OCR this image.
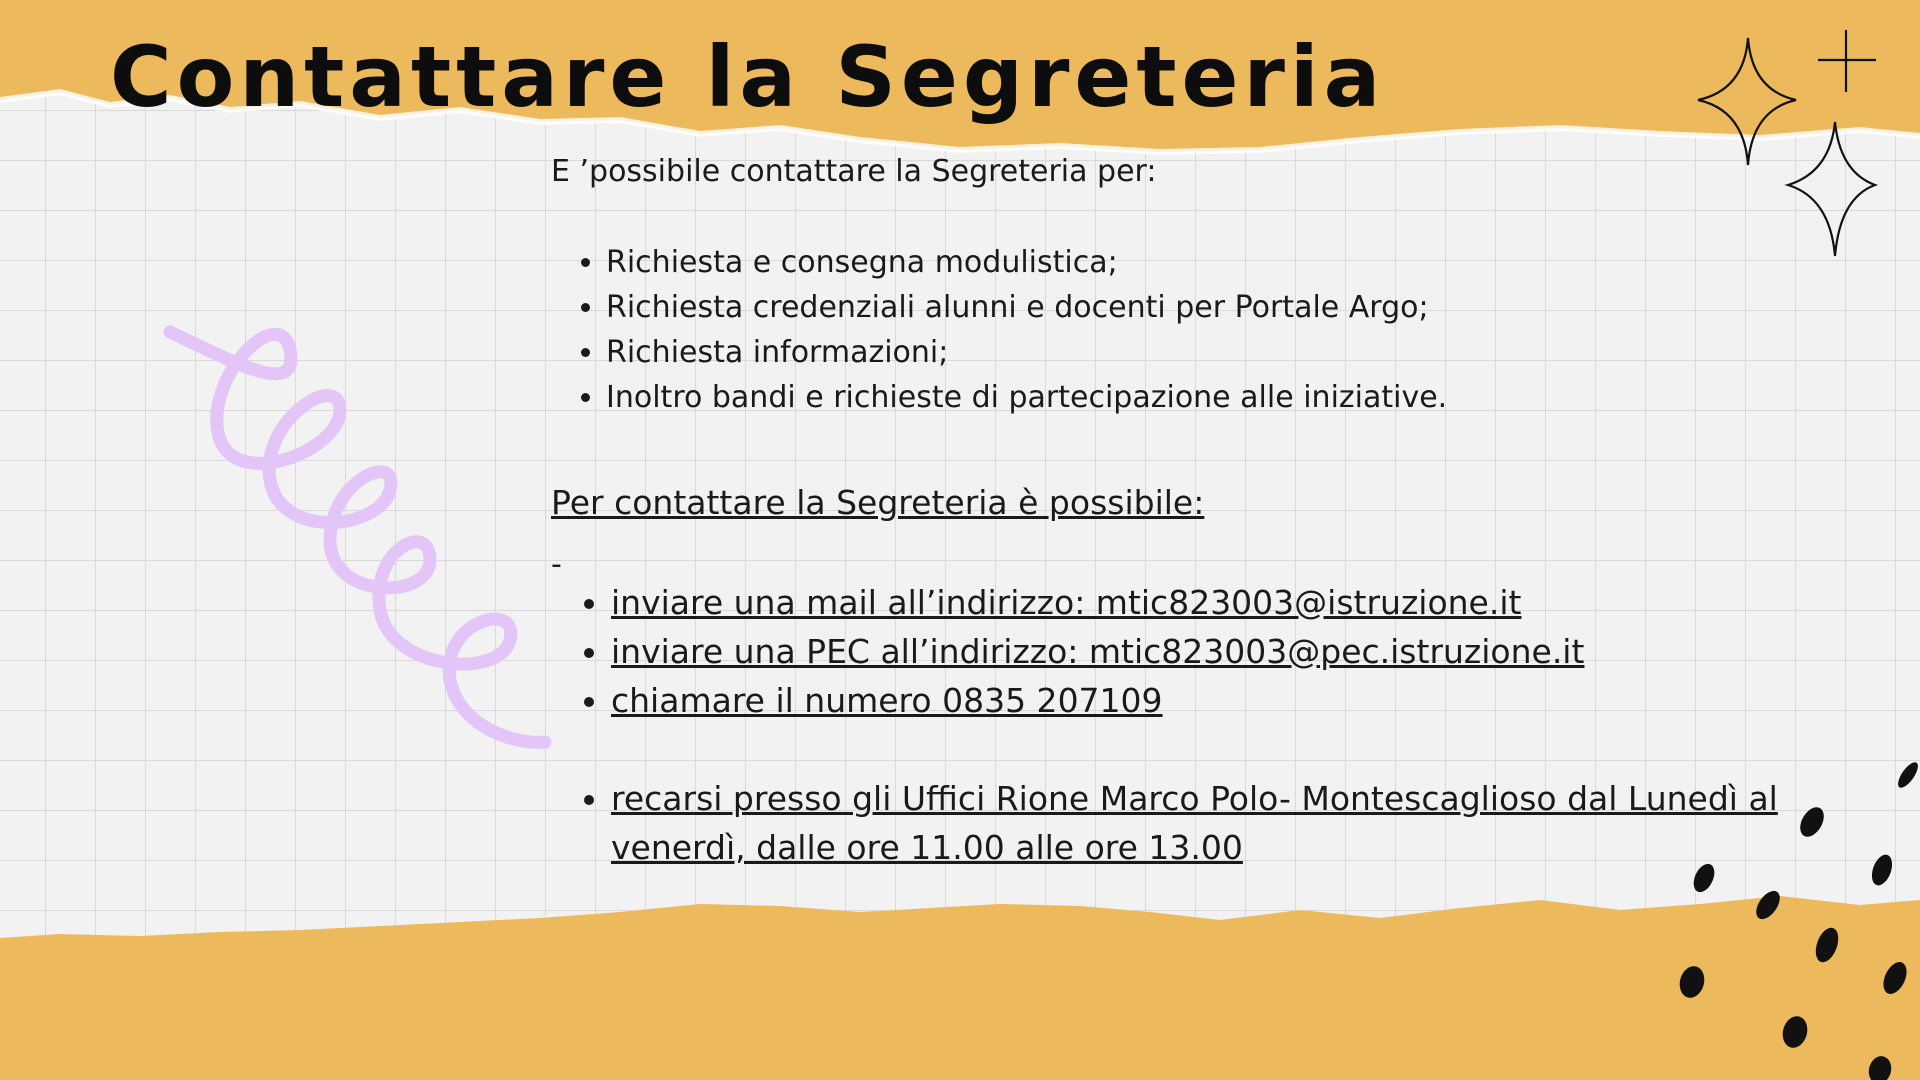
Contattare la Segreteria

E ’possibile contattare la Segreteria per:

• Richiesta e consegna modulistica;
• Richiesta credenziali alunni e docenti per Portale Argo;
• Richiesta informazioni;
• Inoltro bandi e richieste di partecipazione alle iniziative.

Per contattare la Segreteria è possibile:

-

• inviare una mail all’indirizzo: mtic823003@istruzione.it
• inviare una PEC all’indirizzo: mtic823003@pec.istruzione.it
• chiamare il numero 0835 207109
• recarsi presso gli Uffici Rione Marco Polo- Montescaglioso dal Lunedì al venerdì, dalle ore 11.00 alle ore 13.00
